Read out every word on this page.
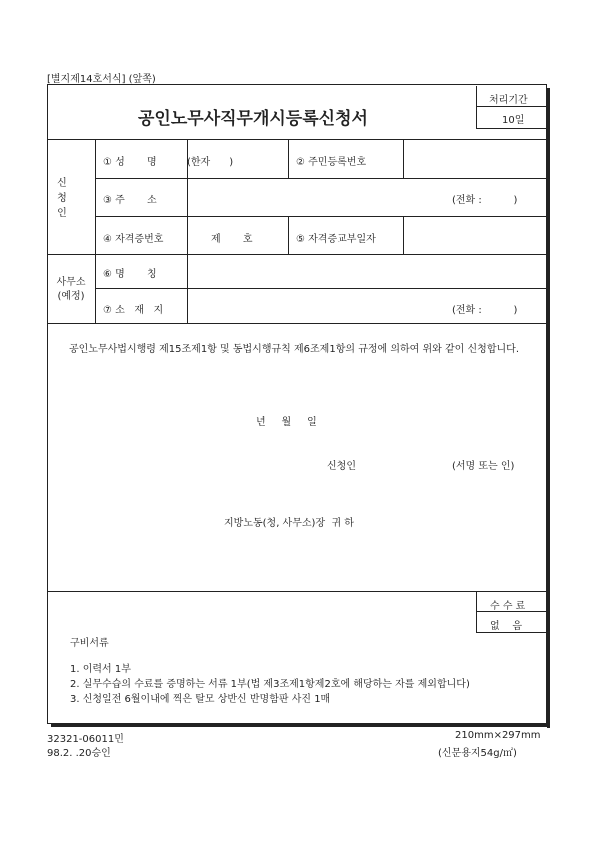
[별지제14호서식] (앞쪽)
공인노무사직무개시등록신청서
처리기간
10일
신
청
인
① 성       명	(한자      )	② 주민등록번호
③ 주       소	(전화 :          )
④ 자격증번호	제       호	⑤ 자격증교부일자
사무소
(예정)
⑥ 명       칭
⑦ 소   재   지	(전화 :          )
공인노무사법시행령 제15조제1항 및 동법시행규칙 제6조제1항의 규정에 의하여 위와 같이 신청합니다.
년     월     일
신청인	(서명 또는 인)
지방노동(청, 사무소)장  귀 하
수 수 료
없    음
구비서류
1. 이력서 1부
2. 실무수습의 수료를 증명하는 서류 1부(법 제3조제1항제2호에 해당하는 자를 제외합니다)
3. 신청일전 6월이내에 찍은 탈모 상반신 반명함판 사진 1매
32321-06011민
98.2. .20승인
210mm×297mm
(신문용지54g/㎡)
